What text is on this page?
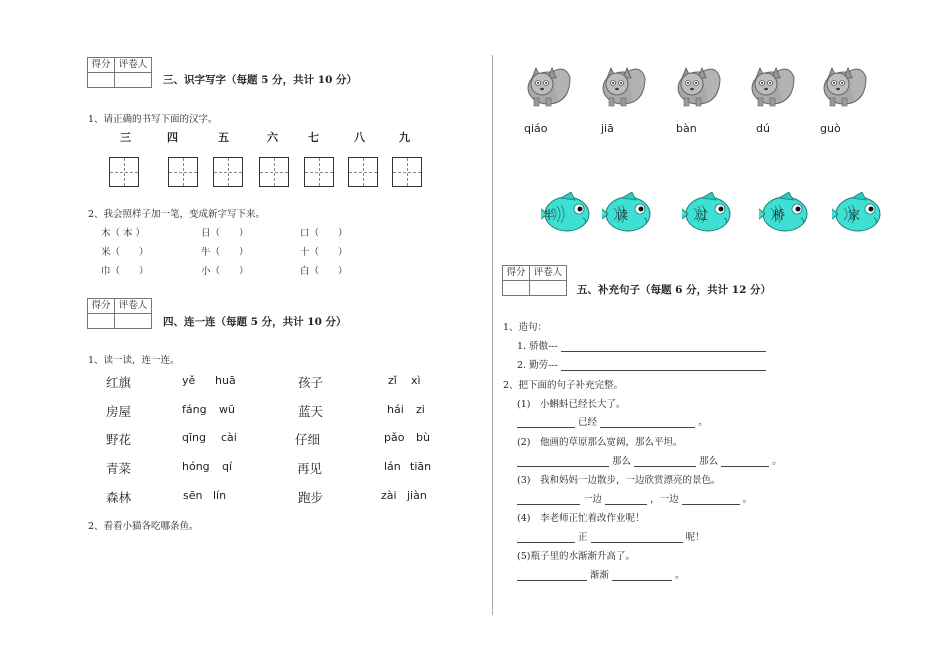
得分 评卷人
三、识字写字（每题 5 分，共计 10 分）
1、请正确的书写下面的汉字。
三	四	五	六	七	八	九
2、我会照样子加一笔，变成新字写下来。
木（ 本 ）	日（　　）	口（　　）
米（　　）	牛（　　）	十（　　）
巾（　　）	小（　　）	白（　　）
得分 评卷人
四、连一连（每题 5 分，共计 10 分）
1、读一读，连一连。
红旗	yě huā	孩子	zǐ xì
房屋	fáng wū	蓝天	hái zi
野花	qīng cài	仔细	pǎo bù
青菜	hóng qí	再见	lán tiān
森林	sēn lín	跑步	zài jiàn
2、看看小猫各吃哪条鱼。
qiáo	jiā	bàn	dú	guò
半	读	过	桥	家
得分 评卷人
五、补充句子（每题 6 分，共计 12 分）
1、造句：
1. 骄傲---
2. 勤劳---
2、把下面的句子补充完整。
(1)　小蝌蚪已经长大了。
已经	。
(2)　他画的草原那么宽阔，那么平坦。
那么	那么	。
(3)　我和妈妈一边散步，一边欣赏漂亮的景色。
一边	，一边	。
(4)　李老师正忙着改作业呢！
正	呢！
(5)瓶子里的水渐渐升高了。
渐渐	。
